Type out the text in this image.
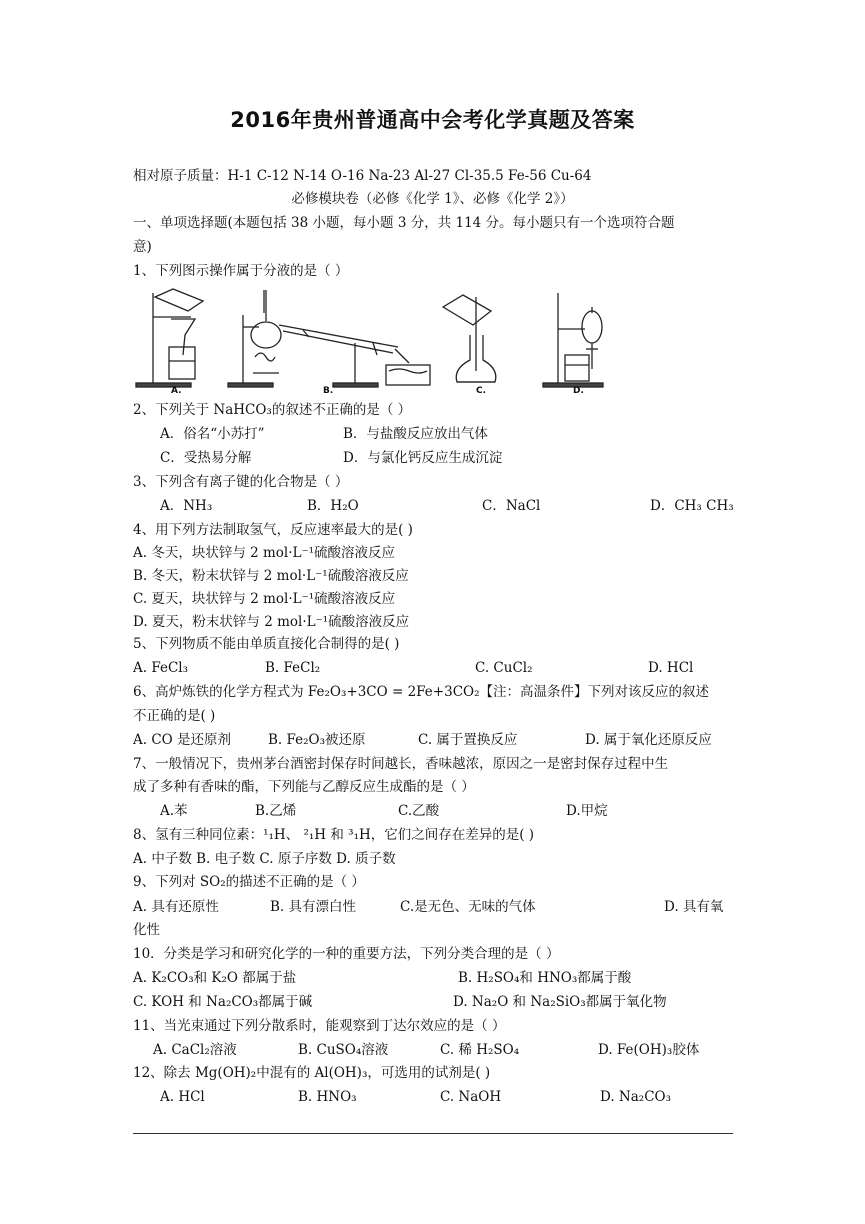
2016年贵州普通高中会考化学真题及答案
相对原子质量：H-1 C-12 N-14 O-16 Na-23 Al-27 Cl-35.5 Fe-56 Cu-64
必修模块卷（必修《化学 1》、必修《化学 2》）
一、单项选择题(本题包括 38 小题，每小题 3 分，共 114 分。每小题只有一个选项符合题
意)
1、下列图示操作属于分液的是（ ）
A.	B.	C.	D.
2、下列关于 NaHCO₃的叙述不正确的是（ ）
A．俗名“小苏打”	B．与盐酸反应放出气体
C．受热易分解	D．与氯化钙反应生成沉淀
3、下列含有离子键的化合物是（ ）
A．NH₃	B．H₂O	C．NaCl	D．CH₃ CH₃
4、用下列方法制取氢气，反应速率最大的是( )
A. 冬天，块状锌与 2 mol·L⁻¹硫酸溶液反应
B. 冬天，粉末状锌与 2 mol·L⁻¹硫酸溶液反应
C. 夏天，块状锌与 2 mol·L⁻¹硫酸溶液反应
D. 夏天，粉末状锌与 2 mol·L⁻¹硫酸溶液反应
5、下列物质不能由单质直接化合制得的是( )
A. FeCl₃	B. FeCl₂	C. CuCl₂	D. HCl
6、高炉炼铁的化学方程式为 Fe₂O₃+3CO = 2Fe+3CO₂【注：高温条件】下列对该反应的叙述
不正确的是( )
A. CO 是还原剂	B. Fe₂O₃被还原	C. 属于置换反应	D. 属于氧化还原反应
7、一般情况下，贵州茅台酒密封保存时间越长，香味越浓，原因之一是密封保存过程中生
成了多种有香味的酯，下列能与乙醇反应生成酯的是（ ）
A.苯	B.乙烯	C.乙酸	D.甲烷
8、氢有三种同位素：¹₁H、 ²₁H 和 ³₁H，它们之间存在差异的是( )
A. 中子数 B. 电子数 C. 原子序数 D. 质子数
9、下列对 SO₂的描述不正确的是（ ）
A. 具有还原性	B. 具有漂白性	C.是无色、无味的气体	D. 具有氧
化性
10．分类是学习和研究化学的一种的重要方法，下列分类合理的是（ ）
A. K₂CO₃和 K₂O 都属于盐	B. H₂SO₄和 HNO₃都属于酸
C. KOH 和 Na₂CO₃都属于碱	D. Na₂O 和 Na₂SiO₃都属于氧化物
11、当光束通过下列分散系时，能观察到丁达尔效应的是（ ）
A. CaCl₂溶液	B. CuSO₄溶液	C. 稀 H₂SO₄	D. Fe(OH)₃胶体
12、除去 Mg(OH)₂中混有的 Al(OH)₃，可选用的试剂是( )
A. HCl	B. HNO₃	C. NaOH	D. Na₂CO₃
